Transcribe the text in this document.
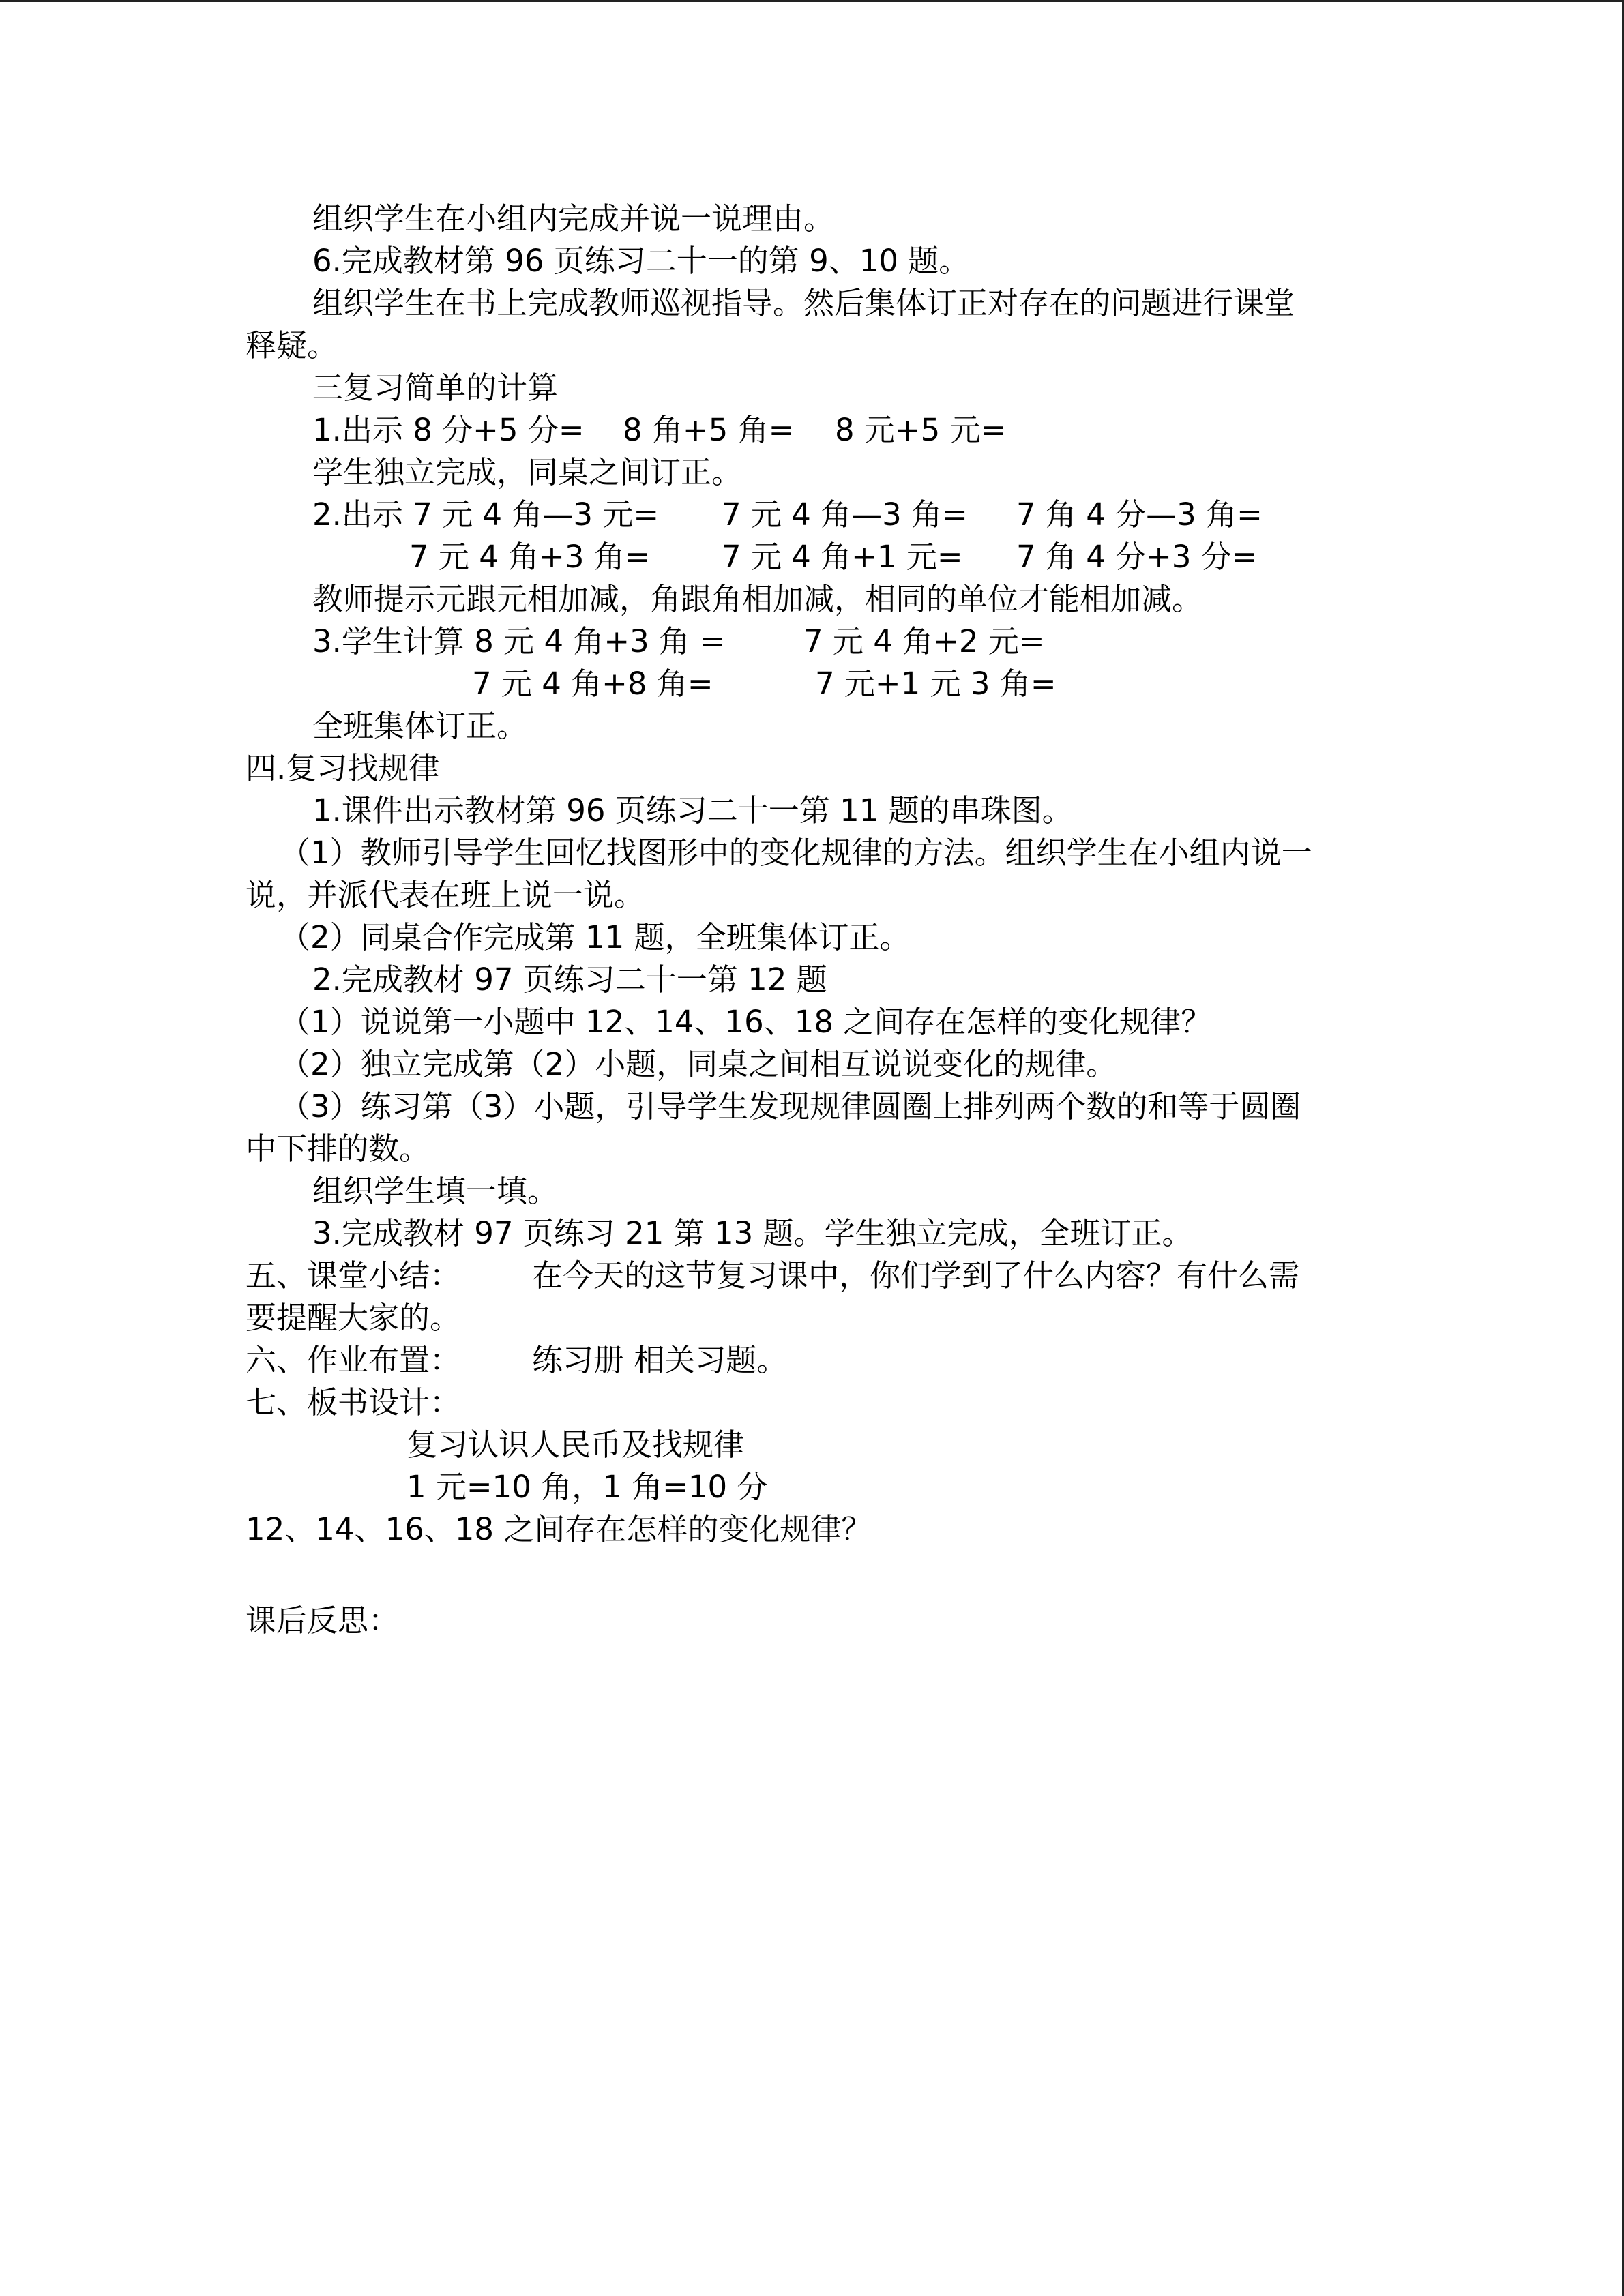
组织学生在小组内完成并说一说理由。
6.完成教材第 96 页练习二十一的第 9、10 题。
组织学生在书上完成教师巡视指导。然后集体订正对存在的问题进行课堂
释疑。
三复习简单的计算
1.出示 8 分+5 分= 8 角+5 角= 8 元+5 元=
学生独立完成，同桌之间订正。
2.出示 7 元 4 角—3 元= 7 元 4 角—3 角= 7 角 4 分—3 角=
7 元 4 角+3 角= 7 元 4 角+1 元= 7 角 4 分+3 分=
教师提示元跟元相加减，角跟角相加减，相同的单位才能相加减。
3.学生计算 8 元 4 角+3 角 =	7 元 4 角+2 元=
7 元 4 角+8 角=	7 元+1 元 3 角=
全班集体订正。
四.复习找规律
1.课件出示教材第 96 页练习二十一第 11 题的串珠图。
（1）教师引导学生回忆找图形中的变化规律的方法。组织学生在小组内说一
说，并派代表在班上说一说。
（2）同桌合作完成第 11 题，全班集体订正。
2.完成教材 97 页练习二十一第 12 题
（1）说说第一小题中 12、14、16、18 之间存在怎样的变化规律？
（2）独立完成第（2）小题，同桌之间相互说说变化的规律。
（3）练习第（3）小题，引导学生发现规律圆圈上排列两个数的和等于圆圈
中下排的数。
组织学生填一填。
3.完成教材 97 页练习 21 第 13 题。学生独立完成，全班订正。
五、课堂小结： 在今天的这节复习课中，你们学到了什么内容？有什么需
要提醒大家的。
六、作业布置： 练习册 相关习题。
七、板书设计：
复习认识人民币及找规律
1 元=10 角，1 角=10 分
12、14、16、18 之间存在怎样的变化规律？
课后反思：
